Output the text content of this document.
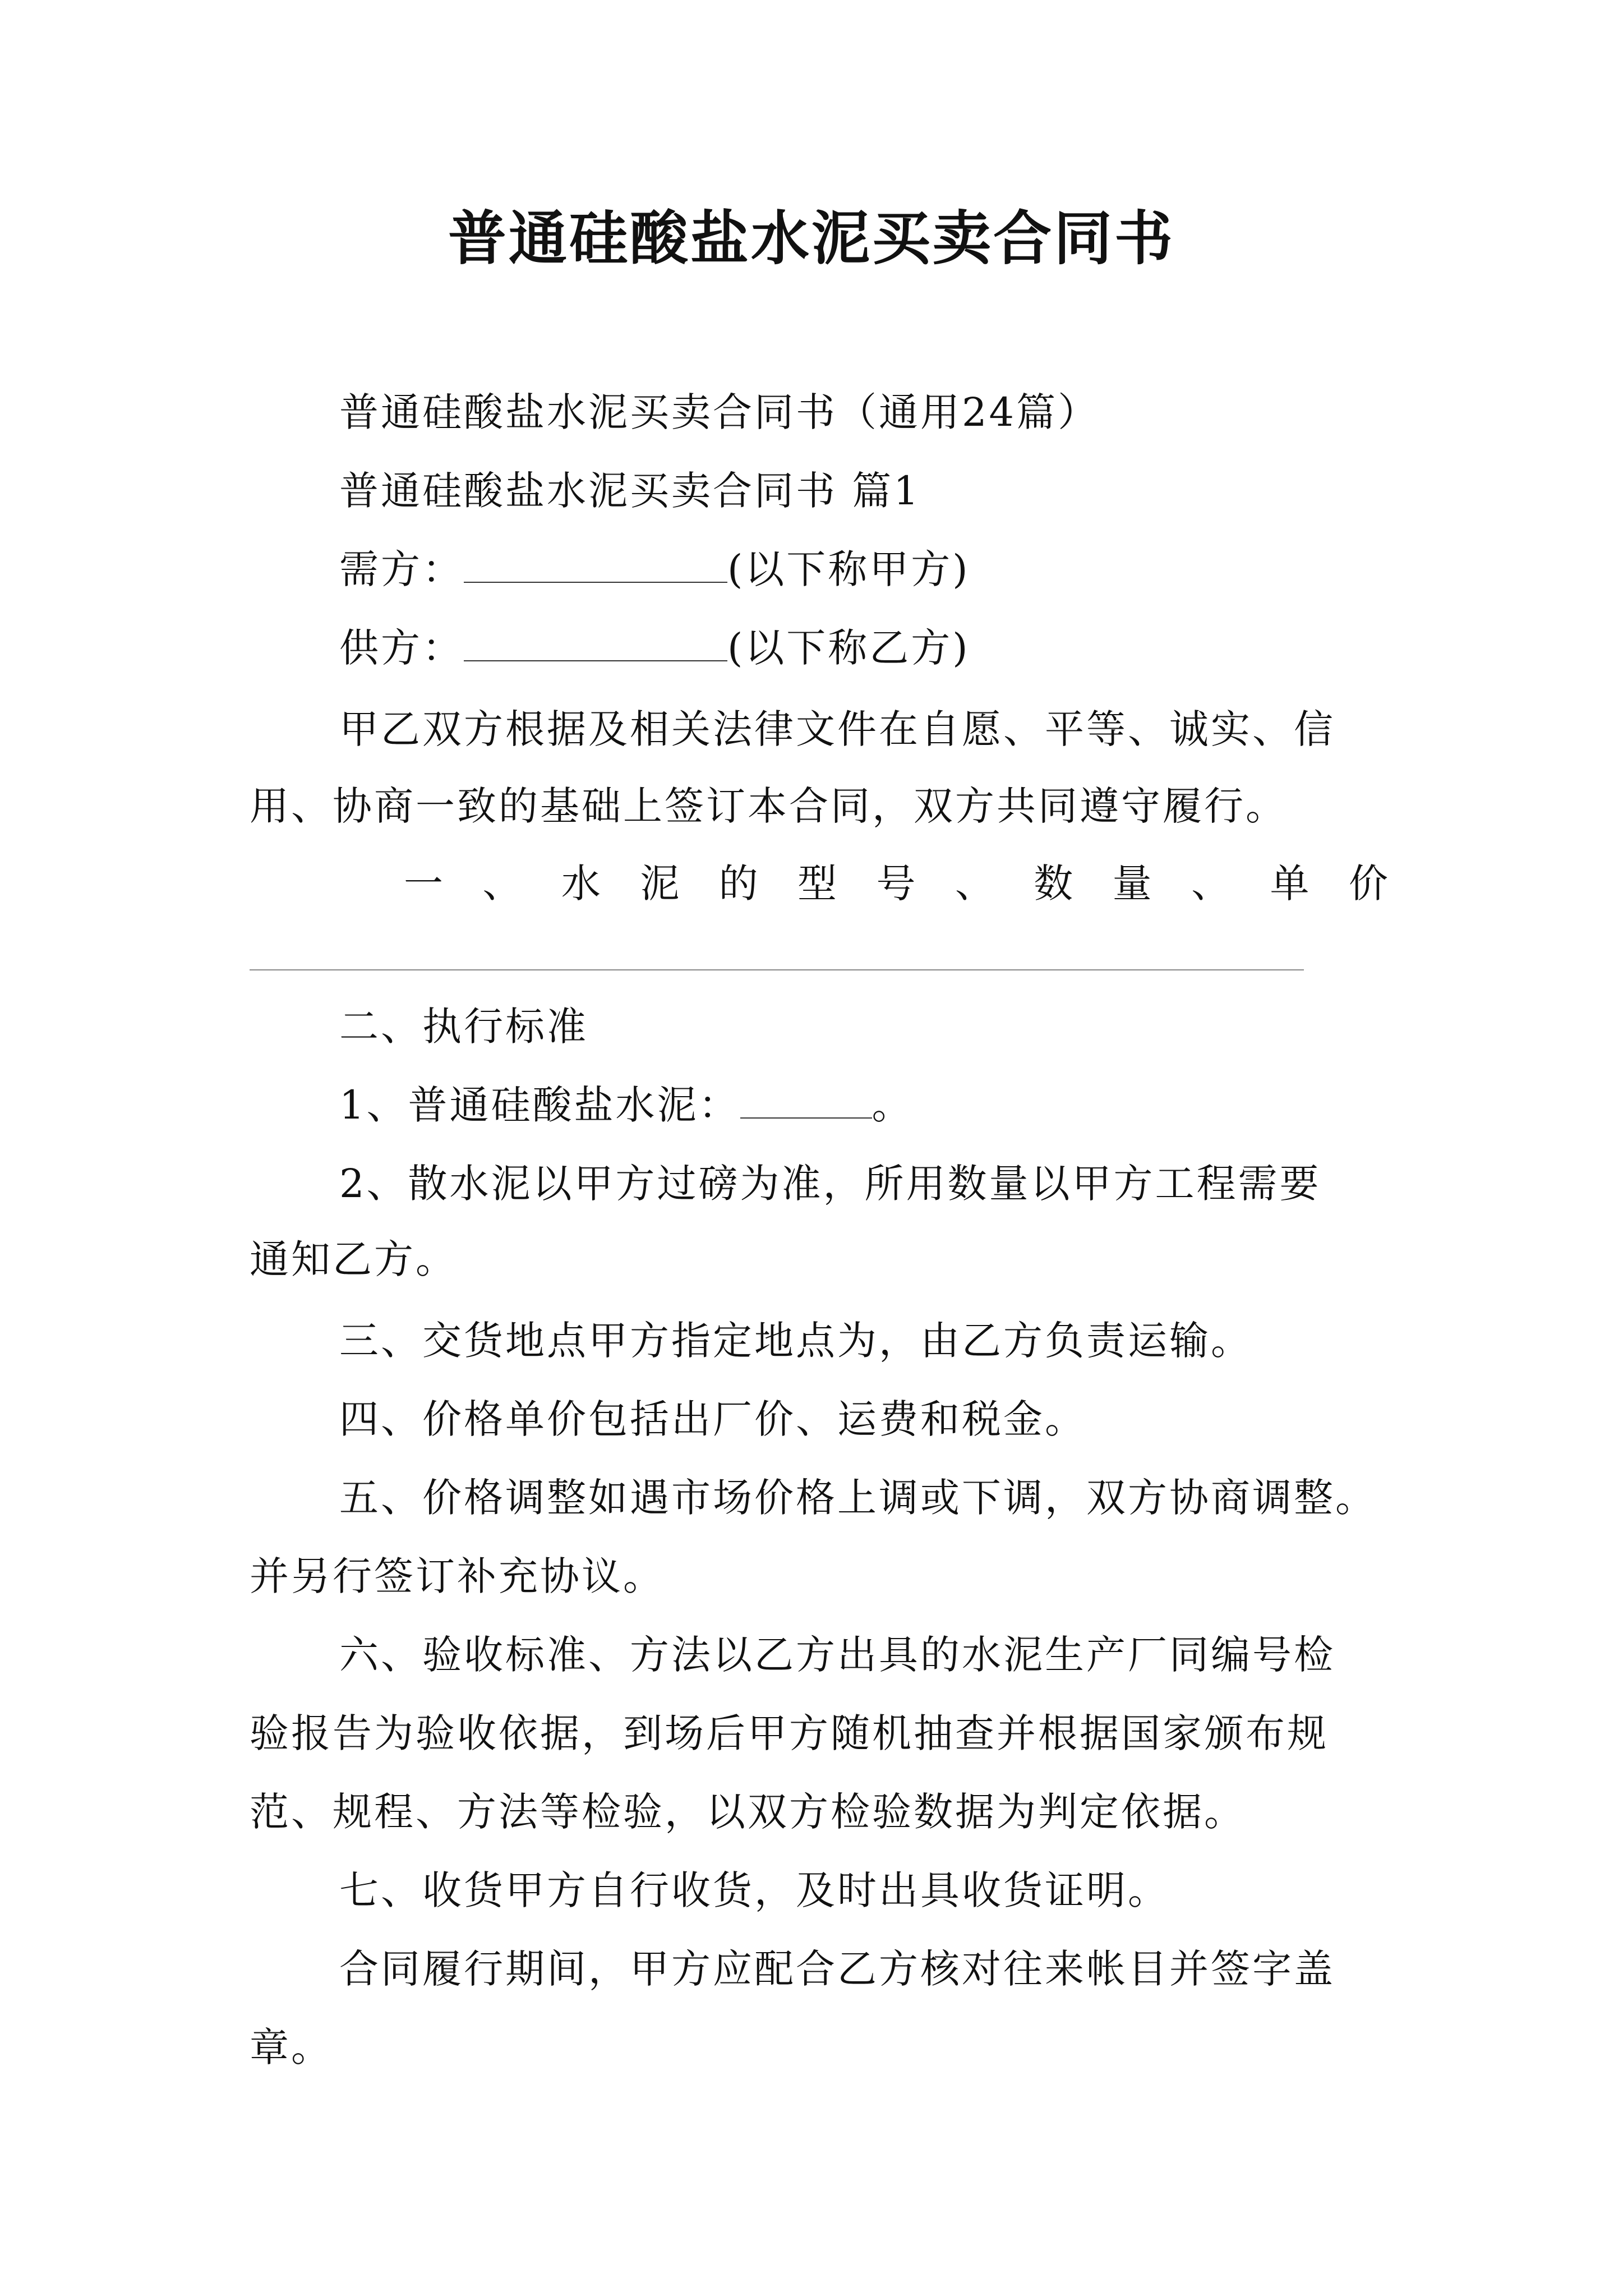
普通硅酸盐水泥买卖合同书
普通硅酸盐水泥买卖合同书（通用24篇）
普通硅酸盐水泥买卖合同书 篇1
需方：	(以下称甲方)
供方：	(以下称乙方)
甲乙双方根据及相关法律文件在自愿、平等、诚实、信
用、协商一致的基础上签订本合同，双方共同遵守履行。
一 、 水 泥 的 型 号 、 数 量 、 单 价
二、执行标准
1、普通硅酸盐水泥：	。
2、散水泥以甲方过磅为准，所用数量以甲方工程需要
通知乙方。
三、交货地点甲方指定地点为，由乙方负责运输。
四、价格单价包括出厂价、运费和税金。
五、价格调整如遇市场价格上调或下调，双方协商调整。
并另行签订补充协议。
六、验收标准、方法以乙方出具的水泥生产厂同编号检
验报告为验收依据，到场后甲方随机抽查并根据国家颁布规
范、规程、方法等检验，以双方检验数据为判定依据。
七、收货甲方自行收货，及时出具收货证明。
合同履行期间，甲方应配合乙方核对往来帐目并签字盖
章。
